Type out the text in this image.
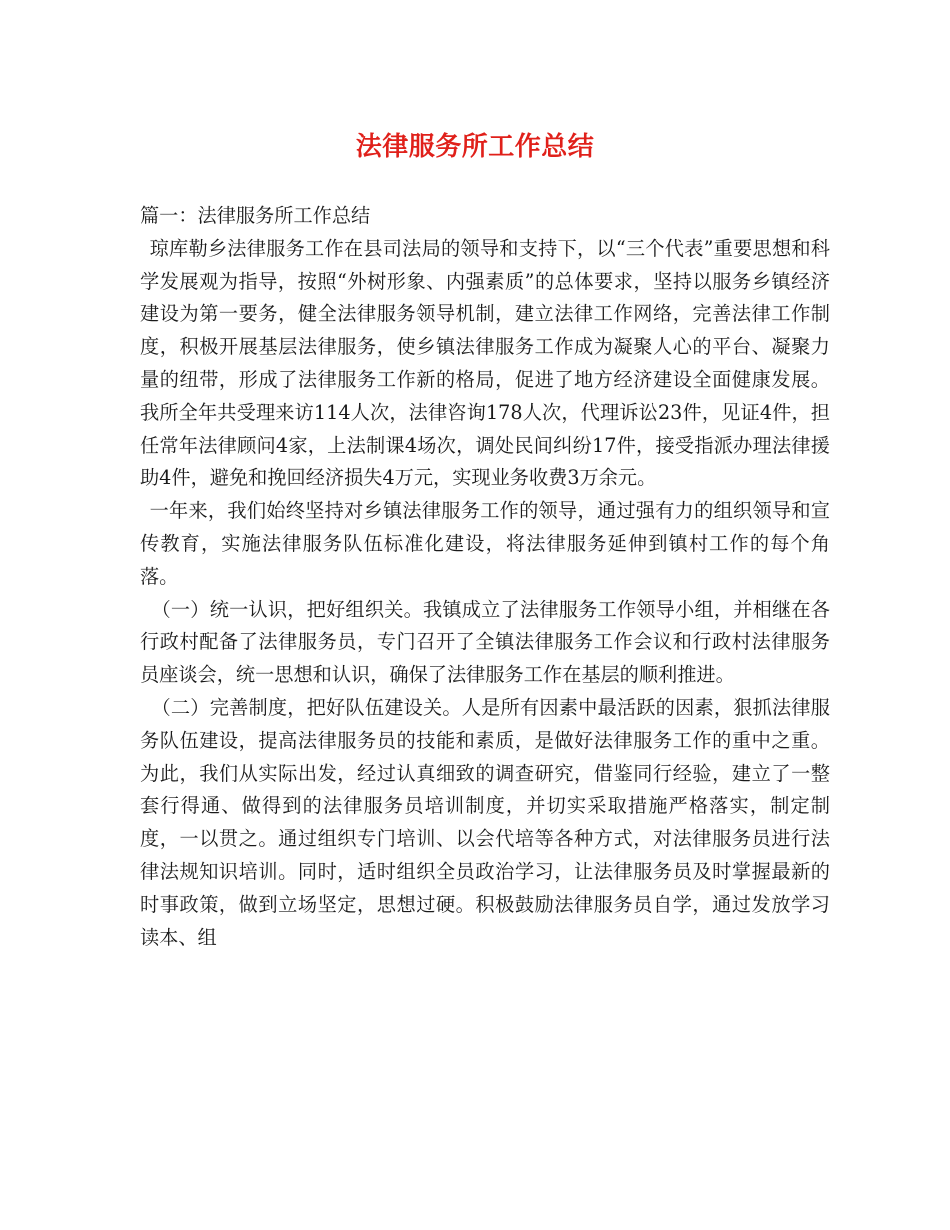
法律服务所工作总结

篇一：法律服务所工作总结

琼库勒乡法律服务工作在县司法局的领导和支持下，以“三个代表”重要思想和科学发展观为指导，按照“外树形象、内强素质”的总体要求，坚持以服务乡镇经济建设为第一要务，健全法律服务领导机制，建立法律工作网络，完善法律工作制度，积极开展基层法律服务，使乡镇法律服务工作成为凝聚人心的平台、凝聚力量的纽带，形成了法律服务工作新的格局，促进了地方经济建设全面健康发展。我所全年共受理来访114人次，法律咨询178人次，代理诉讼23件，见证4件，担任常年法律顾问4家，上法制课4场次，调处民间纠纷17件，接受指派办理法律援助4件，避免和挽回经济损失4万元，实现业务收费3万余元。

一年来，我们始终坚持对乡镇法律服务工作的领导，通过强有力的组织领导和宣传教育，实施法律服务队伍标准化建设，将法律服务延伸到镇村工作的每个角落。

（一）统一认识，把好组织关。我镇成立了法律服务工作领导小组，并相继在各行政村配备了法律服务员，专门召开了全镇法律服务工作会议和行政村法律服务员座谈会，统一思想和认识，确保了法律服务工作在基层的顺利推进。

（二）完善制度，把好队伍建设关。人是所有因素中最活跃的因素，狠抓法律服务队伍建设，提高法律服务员的技能和素质，是做好法律服务工作的重中之重。为此，我们从实际出发，经过认真细致的调查研究，借鉴同行经验，建立了一整套行得通、做得到的法律服务员培训制度，并切实采取措施严格落实，制定制度，一以贯之。通过组织专门培训、以会代培等各种方式，对法律服务员进行法律法规知识培训。同时，适时组织全员政治学习，让法律服务员及时掌握最新的时事政策，做到立场坚定，思想过硬。积极鼓励法律服务员自学，通过发放学习读本、组
